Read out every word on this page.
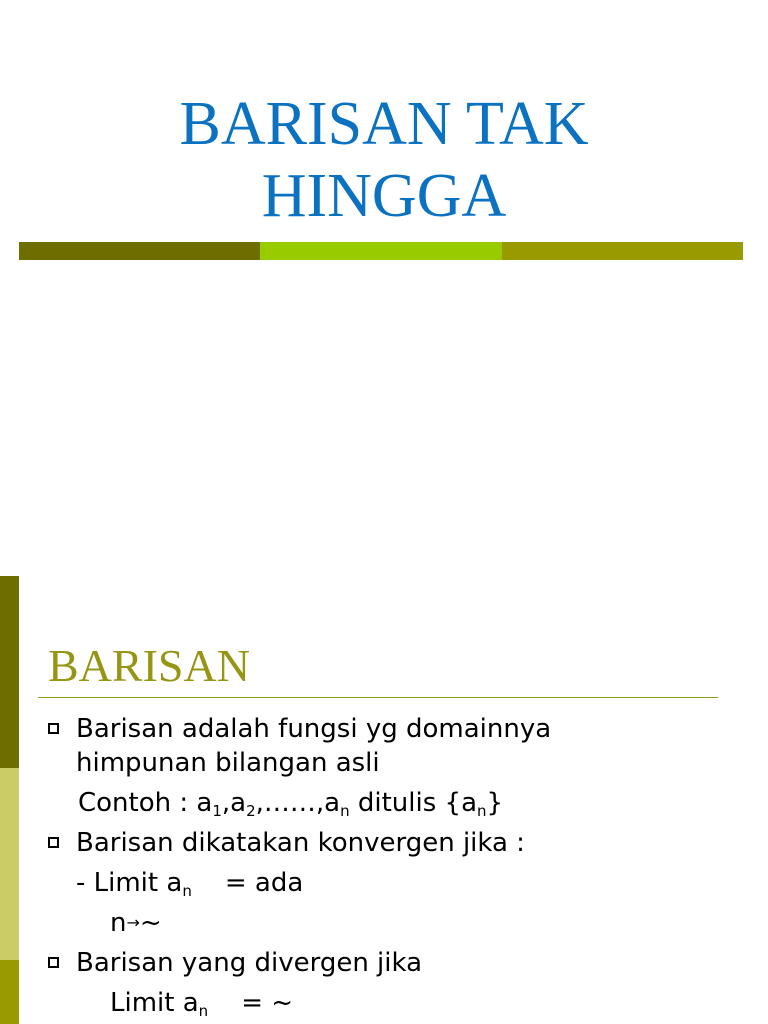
BARISAN TAK
HINGGA
BARISAN
Barisan adalah fungsi yg domainnya
himpunan bilangan asli
Contoh : $a_1,a_2,\dots\dots,a_n$ ditulis $\{a_n\}$
Barisan dikatakan konvergen jika :
- Limit $a_n$    = ada
n→~
Barisan yang divergen jika
Limit $a_n$    = ~
